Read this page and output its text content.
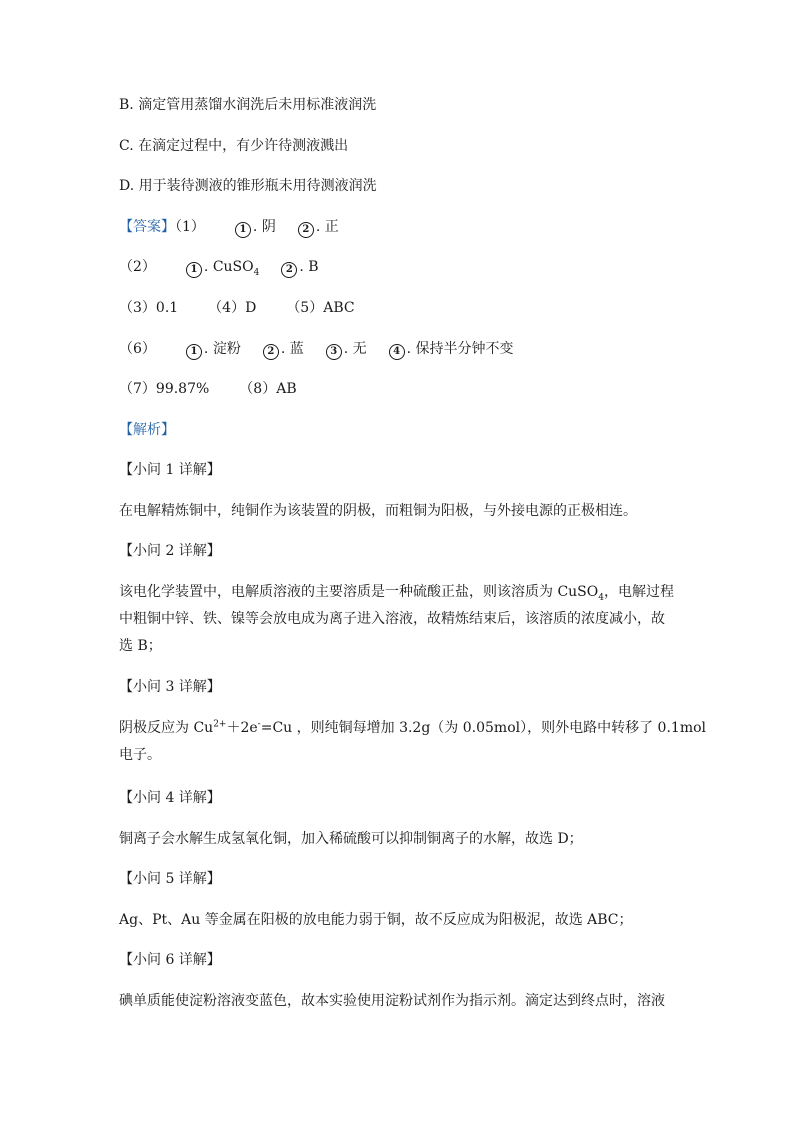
B. 滴定管用蒸馏水润洗后未用标准液润洗

C. 在滴定过程中，有少许待测液溅出

D. 用于装待测液的锥形瓶未用待测液润洗

【答案】（1）	1 . 阴	2 . 正

（2）	1 . CuSO$_4$	2 . B

（3）0.1 （4）D （5）ABC

（6）	1 . 淀粉	2 . 蓝	3 . 无	4 . 保持半分钟不变

（7）99.87% （8）AB

【解析】

【小问 1 详解】

在电解精炼铜中，纯铜作为该装置的阴极，而粗铜为阳极，与外接电源的正极相连。

【小问 2 详解】

该电化学装置中，电解质溶液的主要溶质是一种硫酸正盐，则该溶质为 CuSO$_4$，电解过程

中粗铜中锌、铁、镍等会放电成为离子进入溶液，故精炼结束后，该溶质的浓度减小，故

选 B；

【小问 3 详解】

阴极反应为 $Cu^{2+}+2e^-=Cu$ ，则纯铜每增加 3.2g（为 0.05mol），则外电路中转移了 0.1mol

电子。

【小问 4 详解】

铜离子会水解生成氢氧化铜，加入稀硫酸可以抑制铜离子的水解，故选 D；

【小问 5 详解】

Ag、Pt、Au 等金属在阳极的放电能力弱于铜，故不反应成为阳极泥，故选 ABC；

【小问 6 详解】

碘单质能使淀粉溶液变蓝色，故本实验使用淀粉试剂作为指示剂。滴定达到终点时，溶液
